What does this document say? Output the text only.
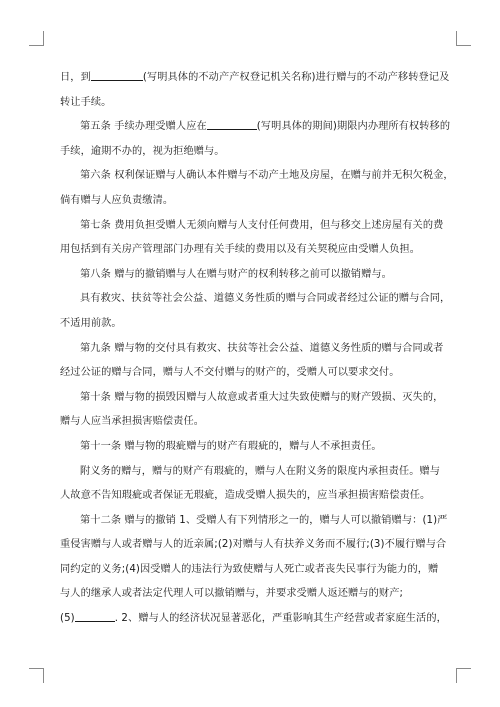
日，到	(写明具体的不动产产权登记机关名称)进行赠与的不动产移转登记及
转让手续。
第五条 手续办理受赠人应在	(写明具体的期间)期限内办理所有权转移的
手续，逾期不办的，视为拒绝赠与。
第六条 权利保证赠与人确认本件赠与不动产土地及房屋，在赠与前并无积欠税金，
倘有赠与人应负责缴清。
第七条 费用负担受赠人无须向赠与人支付任何费用，但与移交上述房屋有关的费
用包括到有关房产管理部门办理有关手续的费用以及有关契税应由受赠人负担。
第八条 赠与的撤销赠与人在赠与财产的权利转移之前可以撤销赠与。
具有救灾、扶贫等社会公益、道德义务性质的赠与合同或者经过公证的赠与合同，
不适用前款。
第九条 赠与物的交付具有救灾、扶贫等社会公益、道德义务性质的赠与合同或者
经过公证的赠与合同，赠与人不交付赠与的财产的，受赠人可以要求交付。
第十条 赠与物的损毁因赠与人故意或者重大过失致使赠与的财产毁损、灭失的，
赠与人应当承担损害赔偿责任。
第十一条 赠与物的瑕疵赠与的财产有瑕疵的，赠与人不承担责任。
附义务的赠与，赠与的财产有瑕疵的，赠与人在附义务的限度内承担责任。赠与
人故意不告知瑕疵或者保证无瑕疵，造成受赠人损失的，应当承担损害赔偿责任。
第十二条 赠与的撤销 1、受赠人有下列情形之一的，赠与人可以撤销赠与：(1)严
重侵害赠与人或者赠与人的近亲属;(2)对赠与人有扶养义务而不履行;(3)不履行赠与合
同约定的义务;(4)因受赠人的违法行为致使赠与人死亡或者丧失民事行为能力的，赠
与人的继承人或者法定代理人可以撤销赠与，并要求受赠人返还赠与的财产;
(5)	. 2、赠与人的经济状况显著恶化，严重影响其生产经营或者家庭生活的，
